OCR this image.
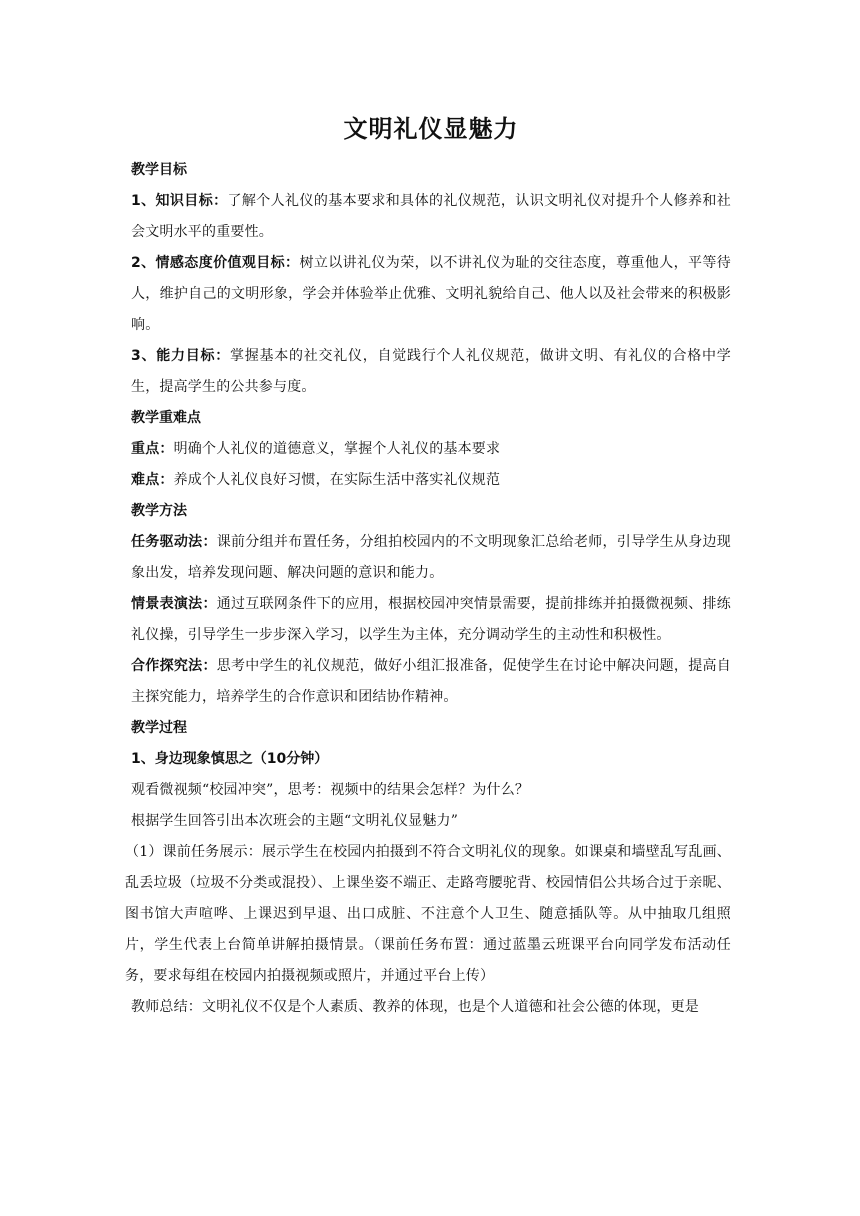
文明礼仪显魅力

教学目标

1、知识目标：了解个人礼仪的基本要求和具体的礼仪规范，认识文明礼仪对提升个人修养和社会文明水平的重要性。

2、情感态度价值观目标：树立以讲礼仪为荣，以不讲礼仪为耻的交往态度，尊重他人，平等待人，维护自己的文明形象，学会并体验举止优雅、文明礼貌给自己、他人以及社会带来的积极影响。

3、能力目标：掌握基本的社交礼仪，自觉践行个人礼仪规范，做讲文明、有礼仪的合格中学生，提高学生的公共参与度。

教学重难点

重点：明确个人礼仪的道德意义，掌握个人礼仪的基本要求

难点：养成个人礼仪良好习惯，在实际生活中落实礼仪规范

教学方法

任务驱动法：课前分组并布置任务，分组拍校园内的不文明现象汇总给老师，引导学生从身边现象出发，培养发现问题、解决问题的意识和能力。

情景表演法：通过互联网条件下的应用，根据校园冲突情景需要，提前排练并拍摄微视频、排练礼仪操，引导学生一步步深入学习，以学生为主体，充分调动学生的主动性和积极性。

合作探究法：思考中学生的礼仪规范，做好小组汇报准备，促使学生在讨论中解决问题，提高自主探究能力，培养学生的合作意识和团结协作精神。

教学过程

1、身边现象慎思之（10分钟）

观看微视频“校园冲突”，思考：视频中的结果会怎样？为什么？

根据学生回答引出本次班会的主题“文明礼仪显魅力”

（1）课前任务展示：展示学生在校园内拍摄到不符合文明礼仪的现象。如课桌和墙壁乱写乱画、乱丢垃圾（垃圾不分类或混投）、上课坐姿不端正、走路弯腰驼背、校园情侣公共场合过于亲昵、图书馆大声喧哗、上课迟到早退、出口成脏、不注意个人卫生、随意插队等。从中抽取几组照片，学生代表上台简单讲解拍摄情景。（课前任务布置：通过蓝墨云班课平台向同学发布活动任务，要求每组在校园内拍摄视频或照片，并通过平台上传）

教师总结：文明礼仪不仅是个人素质、教养的体现，也是个人道德和社会公德的体现，更是
